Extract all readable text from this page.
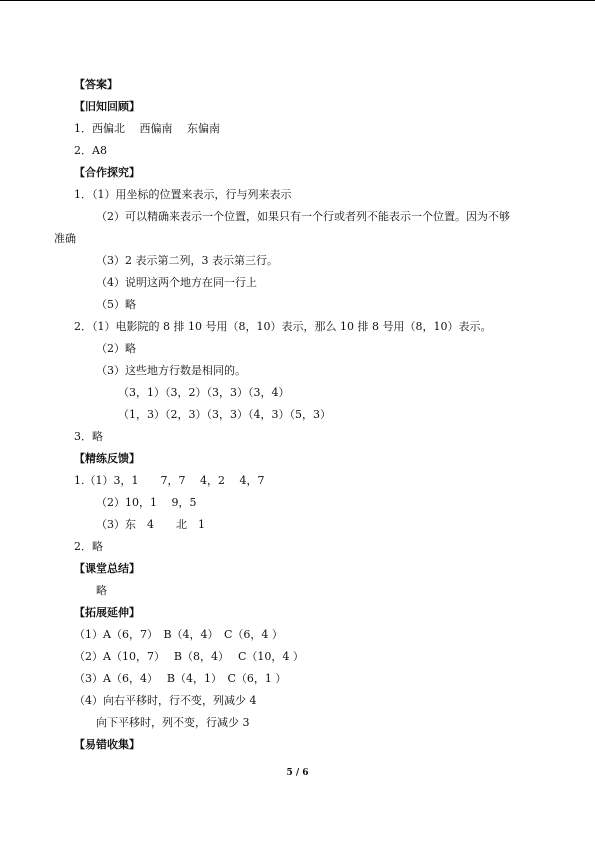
【答案】
【旧知回顾】
1．西偏北　 西偏南　 东偏南
2．A8
【合作探究】
1．（1）用坐标的位置来表示，行与列来表示
（2）可以精确来表示一个位置，如果只有一个行或者列不能表示一个位置。因为不够
准确
（3）2 表示第二列，3 表示第三行。
（4）说明这两个地方在同一行上
（5）略
2．（1）电影院的 8 排 10 号用（8，10）表示，那么 10 排 8 号用（8，10）表示。
（2）略
（3）这些地方行数是相同的。
（3，1）（3，2）（3，3）（3，4）
（1，3）（2，3）（3，3）（4，3）（5，3）
3．略
【精练反馈】
1.（1）3，1　　7，7　 4，2　 4，7
（2）10，1　 9，5
（3）东　4　　北　1
2．略
【课堂总结】
略
【拓展延伸】
（1）A（6，7）　B（4，4）　C（6，4 ）
（2）A（10，7）　 B（8，4）　 C（10，4 ）
（3）A（6，4）　 B（4，1）　C（6，1 ）
（4）向右平移时，行不变，列减少 4
向下平移时，列不变，行减少 3
【易错收集】
5 / 6
